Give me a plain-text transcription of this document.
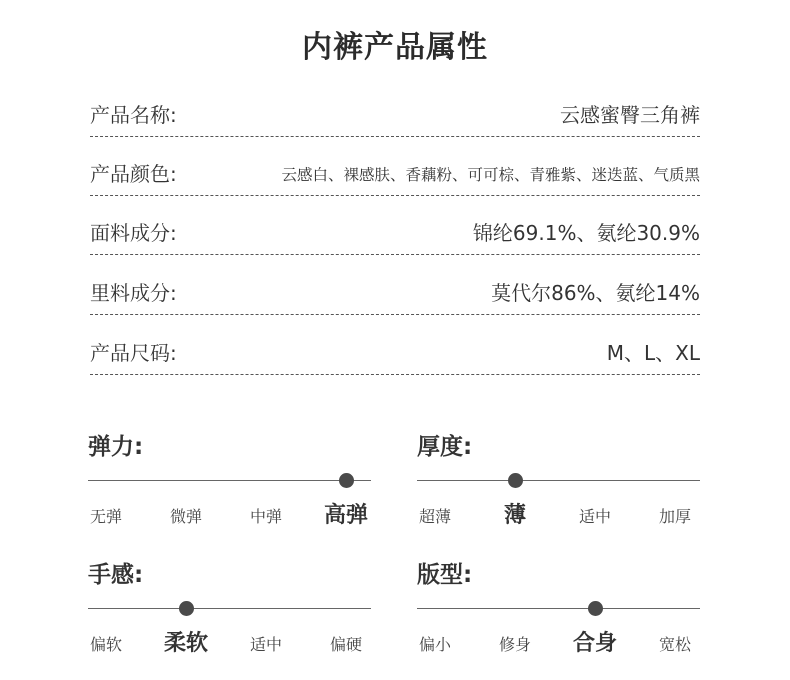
内裤产品属性
产品名称:	云感蜜臀三角裤
产品颜色:	云感白、裸感肤、香藕粉、可可棕、青雅紫、迷迭蓝、气质黑
面料成分:	锦纶69.1%、氨纶30.9%
里料成分:	莫代尔86%、氨纶14%
产品尺码:	M、L、XL
弹力:
无弹	微弹	中弹	高弹
厚度:
超薄	薄	适中	加厚
手感:
偏软	柔软	适中	偏硬
版型:
偏小	修身	合身	宽松
